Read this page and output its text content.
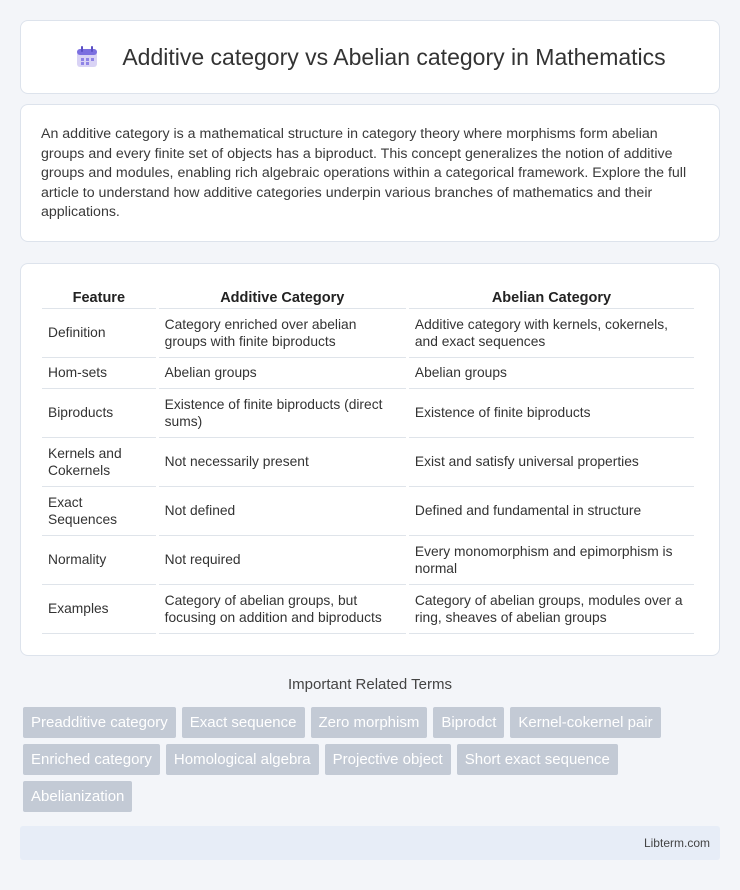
Additive category vs Abelian category in Mathematics

An additive category is a mathematical structure in category theory where morphisms form abelian groups and every finite set of objects has a biproduct. This concept generalizes the notion of additive groups and modules, enabling rich algebraic operations within a categorical framework. Explore the full article to understand how additive categories underpin various branches of mathematics and their applications.

Feature	Additive Category	Abelian Category
Definition	Category enriched over abelian groups with finite biproducts	Additive category with kernels, cokernels, and exact sequences
Hom-sets	Abelian groups	Abelian groups
Biproducts	Existence of finite biproducts (direct sums)	Existence of finite biproducts
Kernels and Cokernels	Not necessarily present	Exist and satisfy universal properties
Exact Sequences	Not defined	Defined and fundamental in structure
Normality	Not required	Every monomorphism and epimorphism is normal
Examples	Category of abelian groups, but focusing on addition and biproducts	Category of abelian groups, modules over a ring, sheaves of abelian groups
Important Related Terms
Preadditive category	Exact sequence	Zero morphism	Biprodct	Kernel-cokernel pair
Enriched category	Homological algebra	Projective object	Short exact sequence
Abelianization
Libterm.com
